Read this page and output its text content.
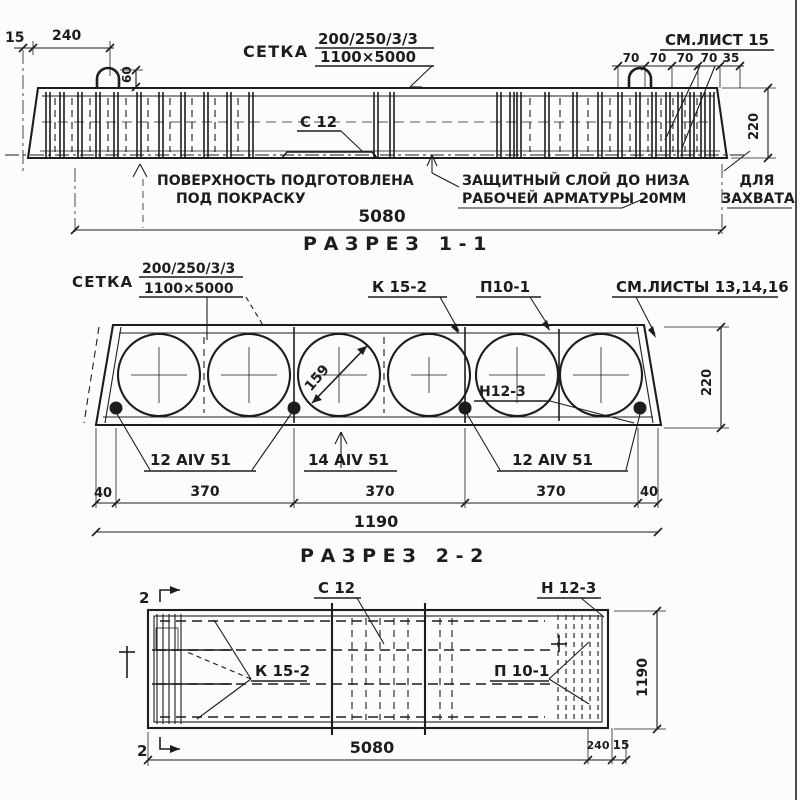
15 240
60
СЕТКА
200/250/3/3
1100×5000
СМ.ЛИСТ 15
70 70 70 70 35
220
С 12
ПОВЕРХНОСТЬ ПОДГОТОВЛЕНА
ПОД ПОКРАСКУ
ЗАЩИТНЫЙ СЛОЙ ДО НИЗА
РАБОЧЕЙ АРМАТУРЫ 20ММ
ДЛЯ
ЗАХВАТА
5080
РАЗРЕЗ 1-1
159
СЕТКА
200/250/3/3
1100×5000	К 15-2	П10-1	СМ.ЛИСТЫ 13,14,16
Н12-3
12 АIV 51	14 АIV 51	12 АIV 51
40	370	370	370	40
1190
220
РАЗРЕЗ 2-2
2
2
С 12	Н 12-3
К 15-2	П 10-1
5080	240 15
1190
